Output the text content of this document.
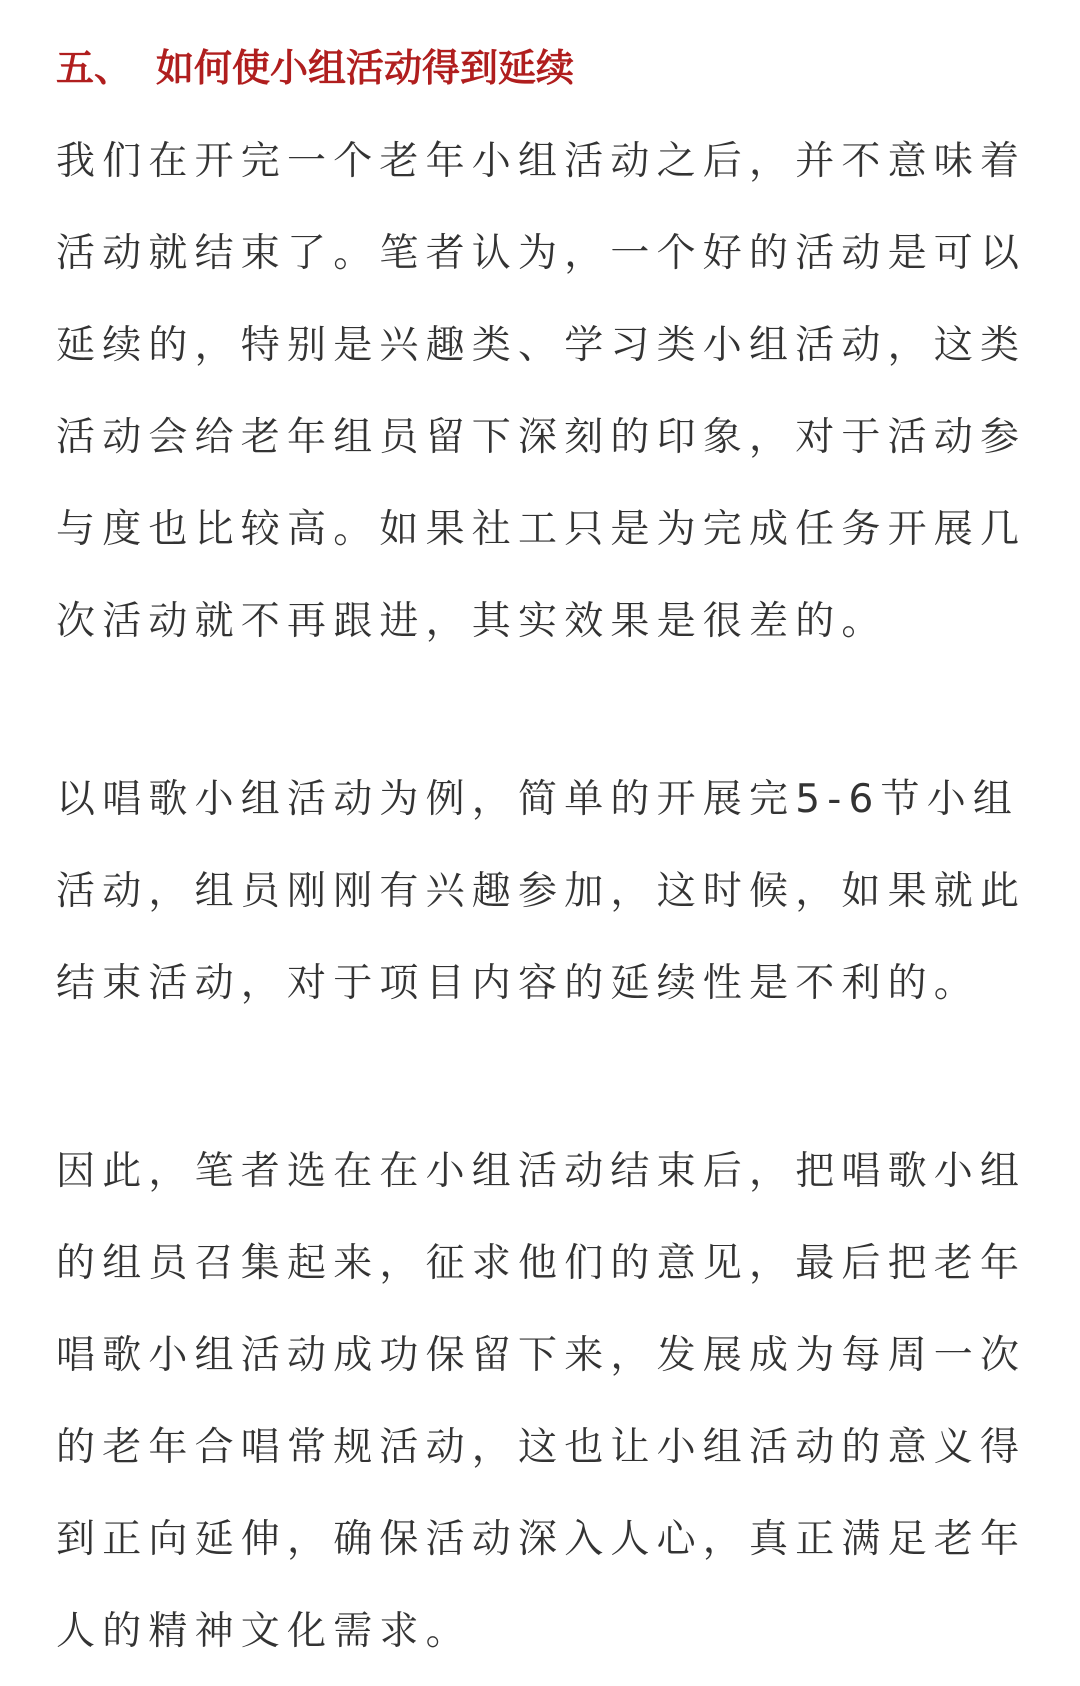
五、 如何使小组活动得到延续

我们在开完一个老年小组活动之后，并不意味着
活动就结束了。笔者认为，一个好的活动是可以
延续的，特别是兴趣类、学习类小组活动，这类
活动会给老年组员留下深刻的印象，对于活动参
与度也比较高。如果社工只是为完成任务开展几
次活动就不再跟进，其实效果是很差的。

以唱歌小组活动为例，简单的开展完5-6节小组
活动，组员刚刚有兴趣参加，这时候，如果就此
结束活动，对于项目内容的延续性是不利的。

因此，笔者选在在小组活动结束后，把唱歌小组
的组员召集起来，征求他们的意见，最后把老年
唱歌小组活动成功保留下来，发展成为每周一次
的老年合唱常规活动，这也让小组活动的意义得
到正向延伸，确保活动深入人心，真正满足老年
人的精神文化需求。
